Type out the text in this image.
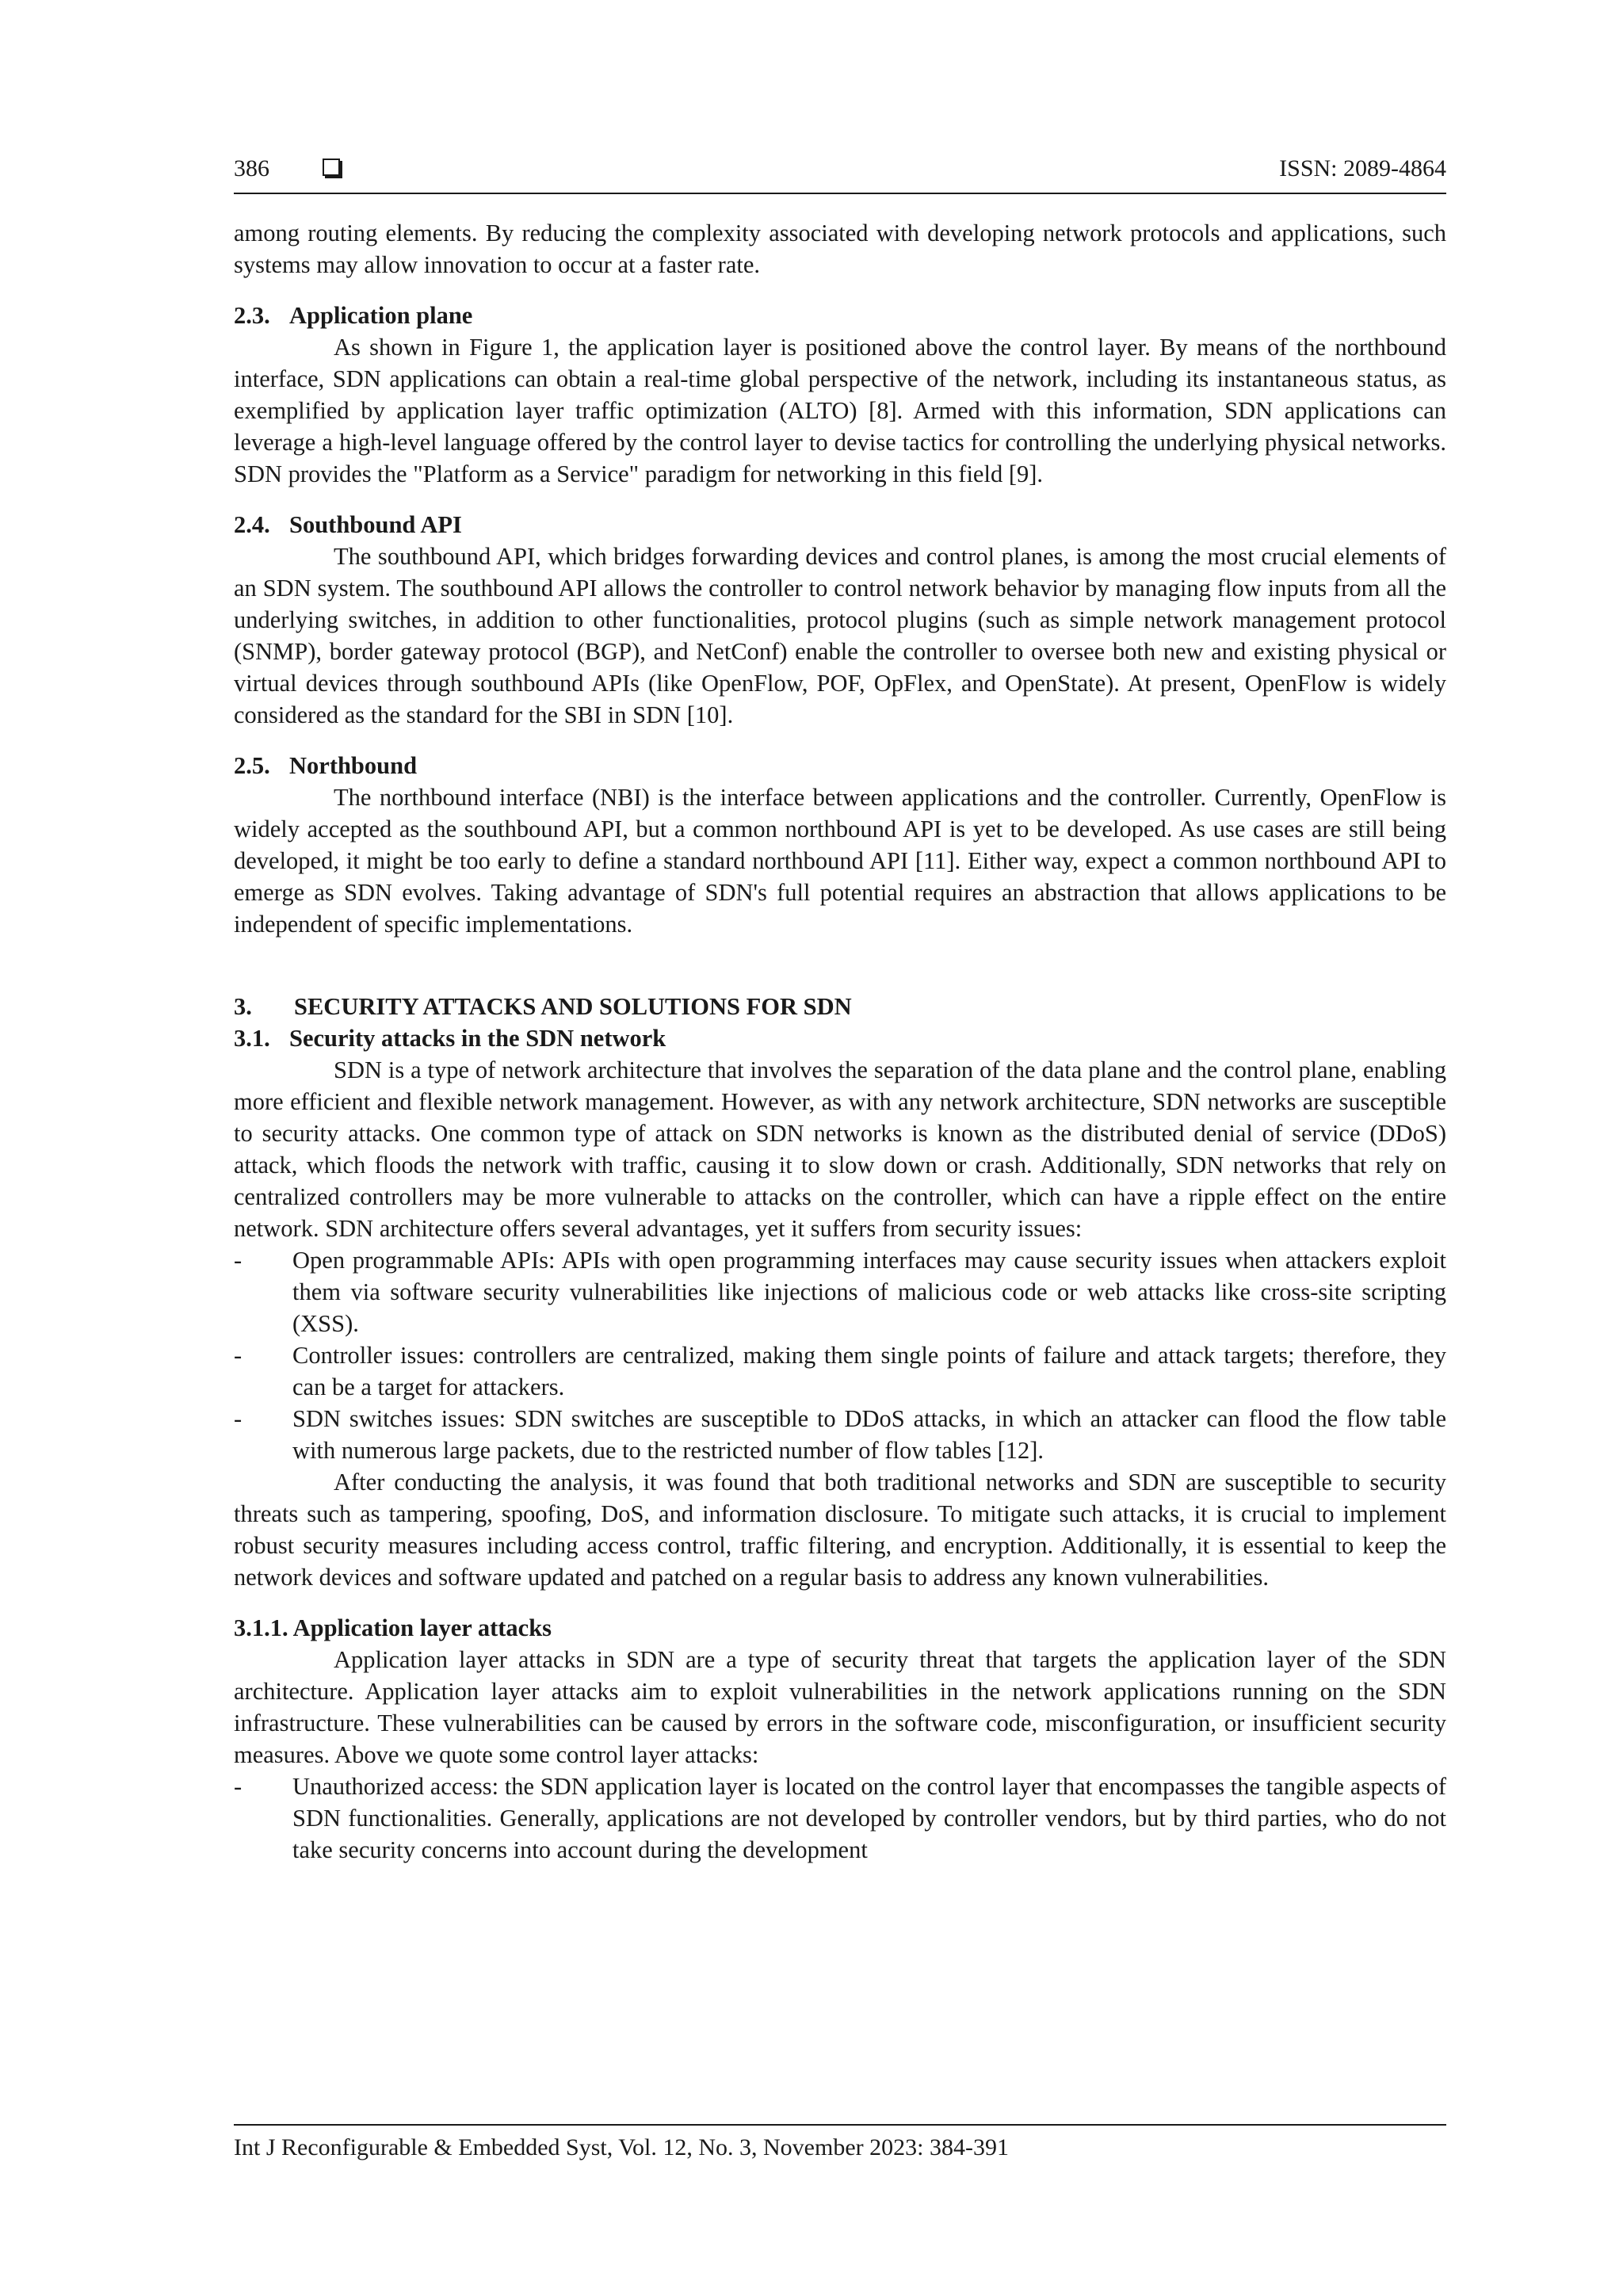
386	ISSN: 2089-4864

among routing elements. By reducing the complexity associated with developing network protocols and applications, such systems may allow innovation to occur at a faster rate.

2.3. Application plane

As shown in Figure 1, the application layer is positioned above the control layer. By means of the northbound interface, SDN applications can obtain a real-time global perspective of the network, including its instantaneous status, as exemplified by application layer traffic optimization (ALTO) [8]. Armed with this information, SDN applications can leverage a high-level language offered by the control layer to devise tactics for controlling the underlying physical networks. SDN provides the "Platform as a Service" paradigm for networking in this field [9].

2.4. Southbound API

The southbound API, which bridges forwarding devices and control planes, is among the most crucial elements of an SDN system. The southbound API allows the controller to control network behavior by managing flow inputs from all the underlying switches, in addition to other functionalities, protocol plugins (such as simple network management protocol (SNMP), border gateway protocol (BGP), and NetConf) enable the controller to oversee both new and existing physical or virtual devices through southbound APIs (like OpenFlow, POF, OpFlex, and OpenState). At present, OpenFlow is widely considered as the standard for the SBI in SDN [10].

2.5. Northbound

The northbound interface (NBI) is the interface between applications and the controller. Currently, OpenFlow is widely accepted as the southbound API, but a common northbound API is yet to be developed. As use cases are still being developed, it might be too early to define a standard northbound API [11]. Either way, expect a common northbound API to emerge as SDN evolves. Taking advantage of SDN's full potential requires an abstraction that allows applications to be independent of specific implementations.

3. SECURITY ATTACKS AND SOLUTIONS FOR SDN
3.1. Security attacks in the SDN network

SDN is a type of network architecture that involves the separation of the data plane and the control plane, enabling more efficient and flexible network management. However, as with any network architecture, SDN networks are susceptible to security attacks. One common type of attack on SDN networks is known as the distributed denial of service (DDoS) attack, which floods the network with traffic, causing it to slow down or crash. Additionally, SDN networks that rely on centralized controllers may be more vulnerable to attacks on the controller, which can have a ripple effect on the entire network. SDN architecture offers several advantages, yet it suffers from security issues:

- Open programmable APIs: APIs with open programming interfaces may cause security issues when attackers exploit them via software security vulnerabilities like injections of malicious code or web attacks like cross-site scripting (XSS).
- Controller issues: controllers are centralized, making them single points of failure and attack targets; therefore, they can be a target for attackers.
- SDN switches issues: SDN switches are susceptible to DDoS attacks, in which an attacker can flood the flow table with numerous large packets, due to the restricted number of flow tables [12].

After conducting the analysis, it was found that both traditional networks and SDN are susceptible to security threats such as tampering, spoofing, DoS, and information disclosure. To mitigate such attacks, it is crucial to implement robust security measures including access control, traffic filtering, and encryption. Additionally, it is essential to keep the network devices and software updated and patched on a regular basis to address any known vulnerabilities.

3.1.1. Application layer attacks

Application layer attacks in SDN are a type of security threat that targets the application layer of the SDN architecture. Application layer attacks aim to exploit vulnerabilities in the network applications running on the SDN infrastructure. These vulnerabilities can be caused by errors in the software code, misconfiguration, or insufficient security measures. Above we quote some control layer attacks:

- Unauthorized access: the SDN application layer is located on the control layer that encompasses the tangible aspects of SDN functionalities. Generally, applications are not developed by controller vendors, but by third parties, who do not take security concerns into account during the development
Int J Reconfigurable & Embedded Syst, Vol. 12, No. 3, November 2023: 384-391
